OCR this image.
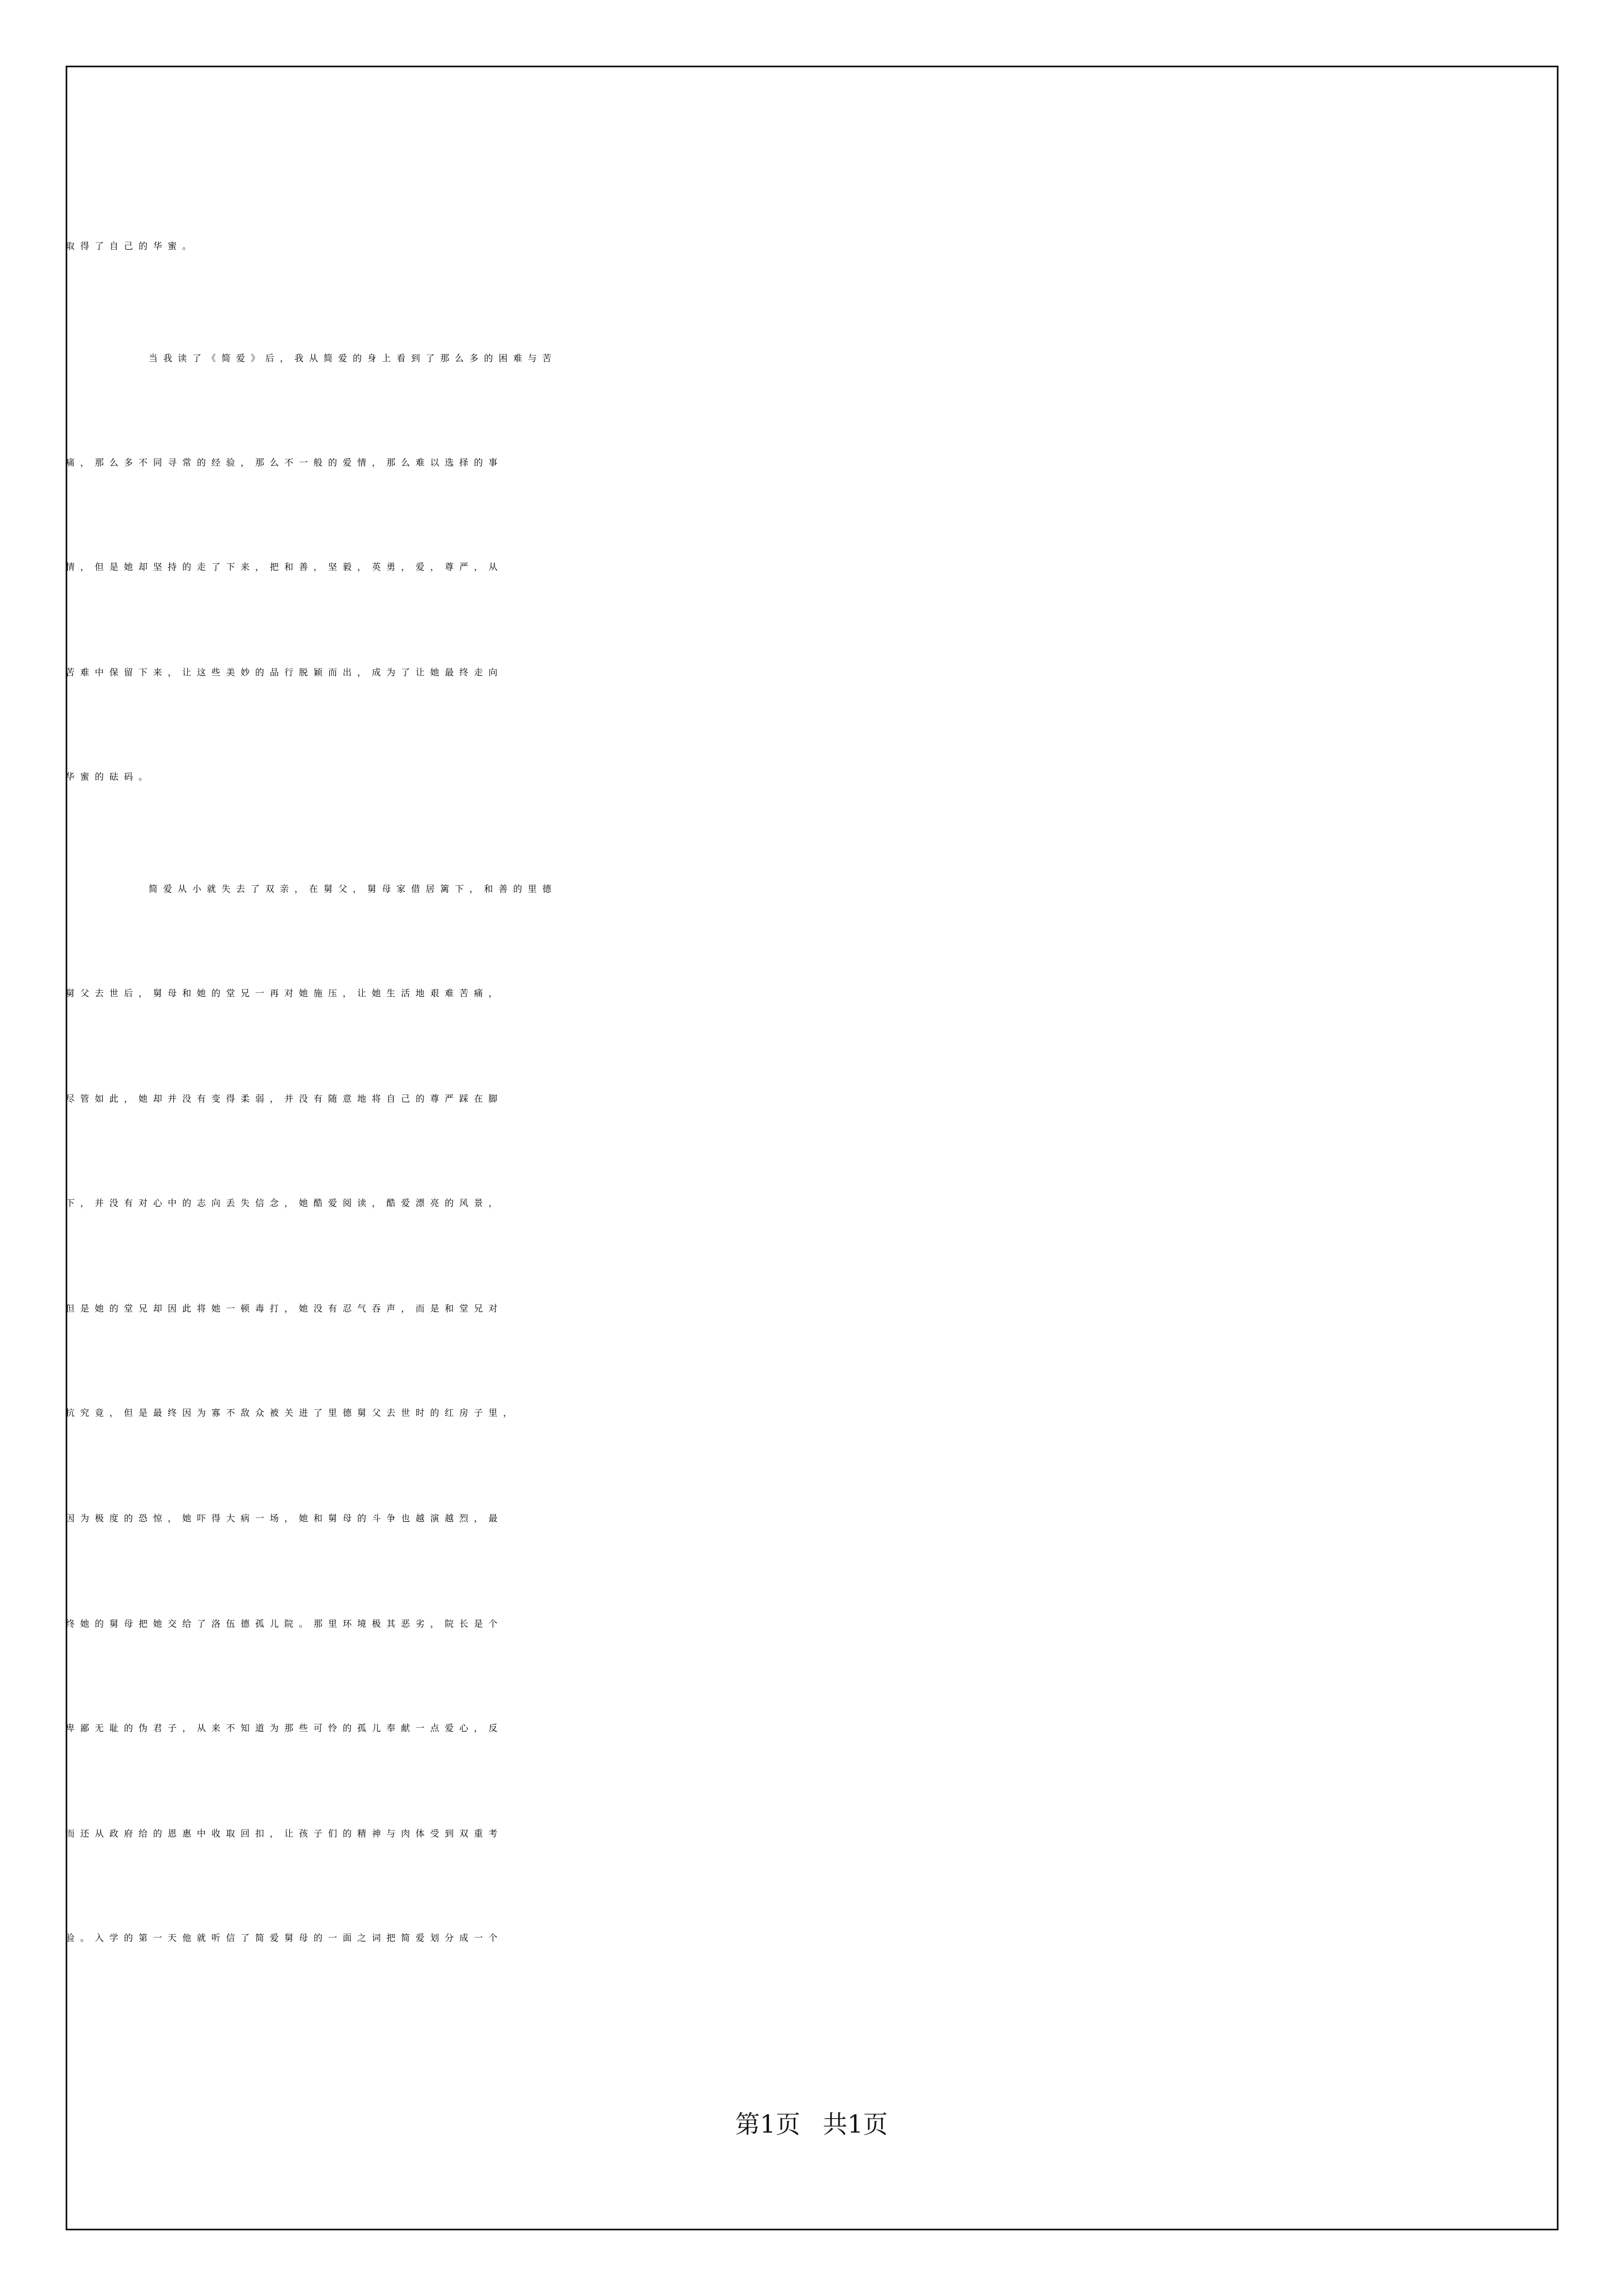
取得了自己的华蜜。
当我读了《简爱》后，我从简爱的身上看到了那么多的困难与苦
痛，那么多不同寻常的经验，那么不一般的爱情，那么难以选择的事
情，但是她却坚持的走了下来，把和善，坚毅，英勇，爱，尊严，从
苦难中保留下来，让这些美妙的品行脱颖而出，成为了让她最终走向
华蜜的砝码。
简爱从小就失去了双亲，在舅父，舅母家借居篱下，和善的里德
舅父去世后，舅母和她的堂兄一再对她施压，让她生活地艰难苦痛，
尽管如此，她却并没有变得柔弱，并没有随意地将自己的尊严踩在脚
下，并没有对心中的志向丢失信念，她酷爱阅读，酷爱漂亮的风景，
但是她的堂兄却因此将她一顿毒打，她没有忍气吞声，而是和堂兄对
抗究竟，但是最终因为寡不敌众被关进了里德舅父去世时的红房子里，
因为极度的恐惊，她吓得大病一场，她和舅母的斗争也越演越烈，最
终她的舅母把她交给了洛伍德孤儿院。那里环境极其恶劣，院长是个
卑鄙无耻的伪君子，从来不知道为那些可怜的孤儿奉献一点爱心，反
而还从政府给的恩惠中收取回扣，让孩子们的精神与肉体受到双重考
验。入学的第一天他就听信了简爱舅母的一面之词把简爱划分成一个
第1页 共1页
